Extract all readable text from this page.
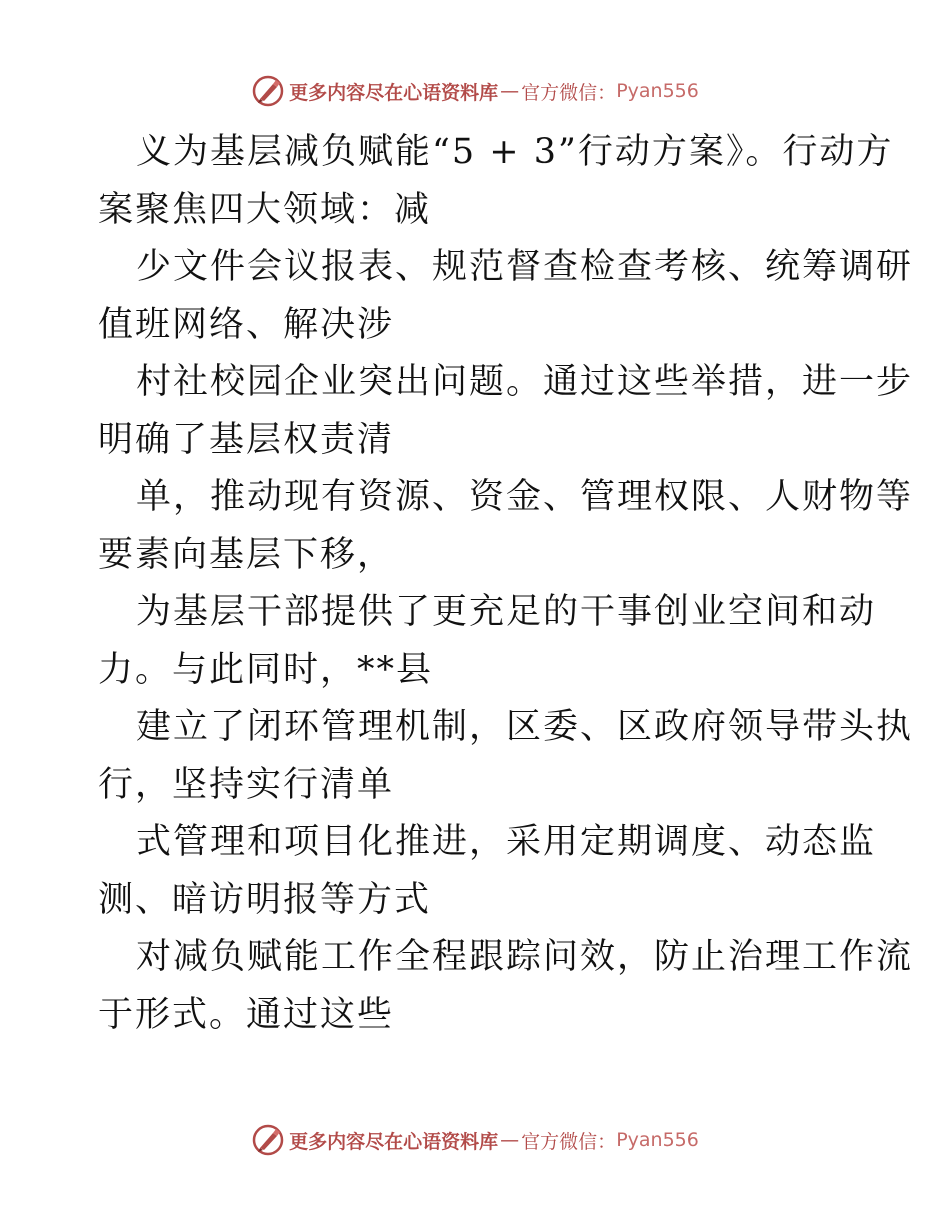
更多内容尽在心语资料库 — 官方微信： Pyan556
义为基层减负赋能“5 + 3”行动方案》。行动方
案聚焦四大领域：减
少文件会议报表、规范督查检查考核、统筹调研
值班网络、解决涉
村社校园企业突出问题。通过这些举措，进一步
明确了基层权责清
单，推动现有资源、资金、管理权限、人财物等
要素向基层下移，
为基层干部提供了更充足的干事创业空间和动
力。与此同时，**县
建立了闭环管理机制，区委、区政府领导带头执
行，坚持实行清单
式管理和项目化推进，采用定期调度、动态监
测、暗访明报等方式
对减负赋能工作全程跟踪问效，防止治理工作流
于形式。通过这些
更多内容尽在心语资料库 — 官方微信： Pyan556
